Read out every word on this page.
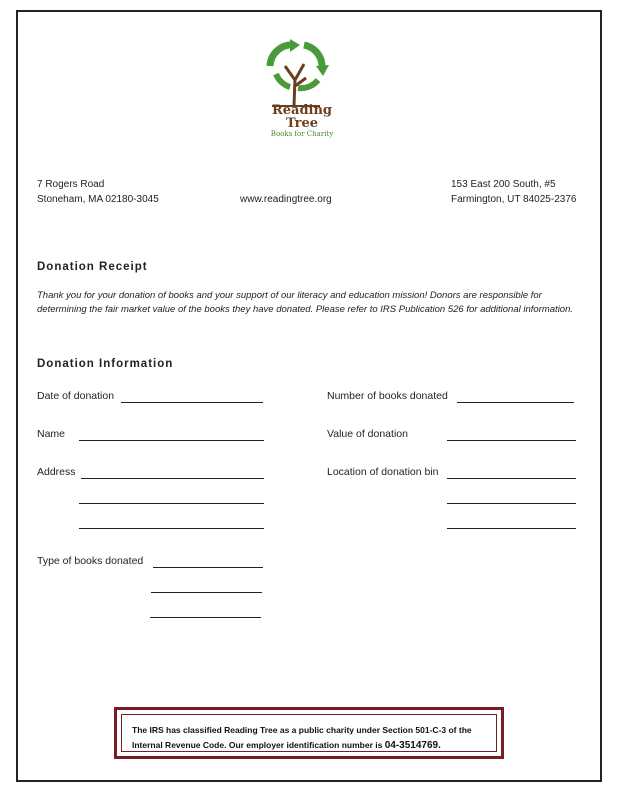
Reading
Tree
Books for Charity
7 Rogers Road
Stoneham, MA 02180-3045	www.readingtree.org
153 East 200 South, #5
Farmington, UT 84025-2376
Donation Receipt
Thank you for your donation of books and your support of our literacy and education mission! Donors are responsible for determining the fair market value of the books they have donated. Please refer to IRS Publication 526 for additional information.
Donation Information
Date of donation	Number of books donated
Name	Value of donation
Address	Location of donation bin
Type of books donated
The IRS has classified Reading Tree as a public charity under Section 501-C-3 of the Internal Revenue Code. Our employer identification number is 04-3514769.
